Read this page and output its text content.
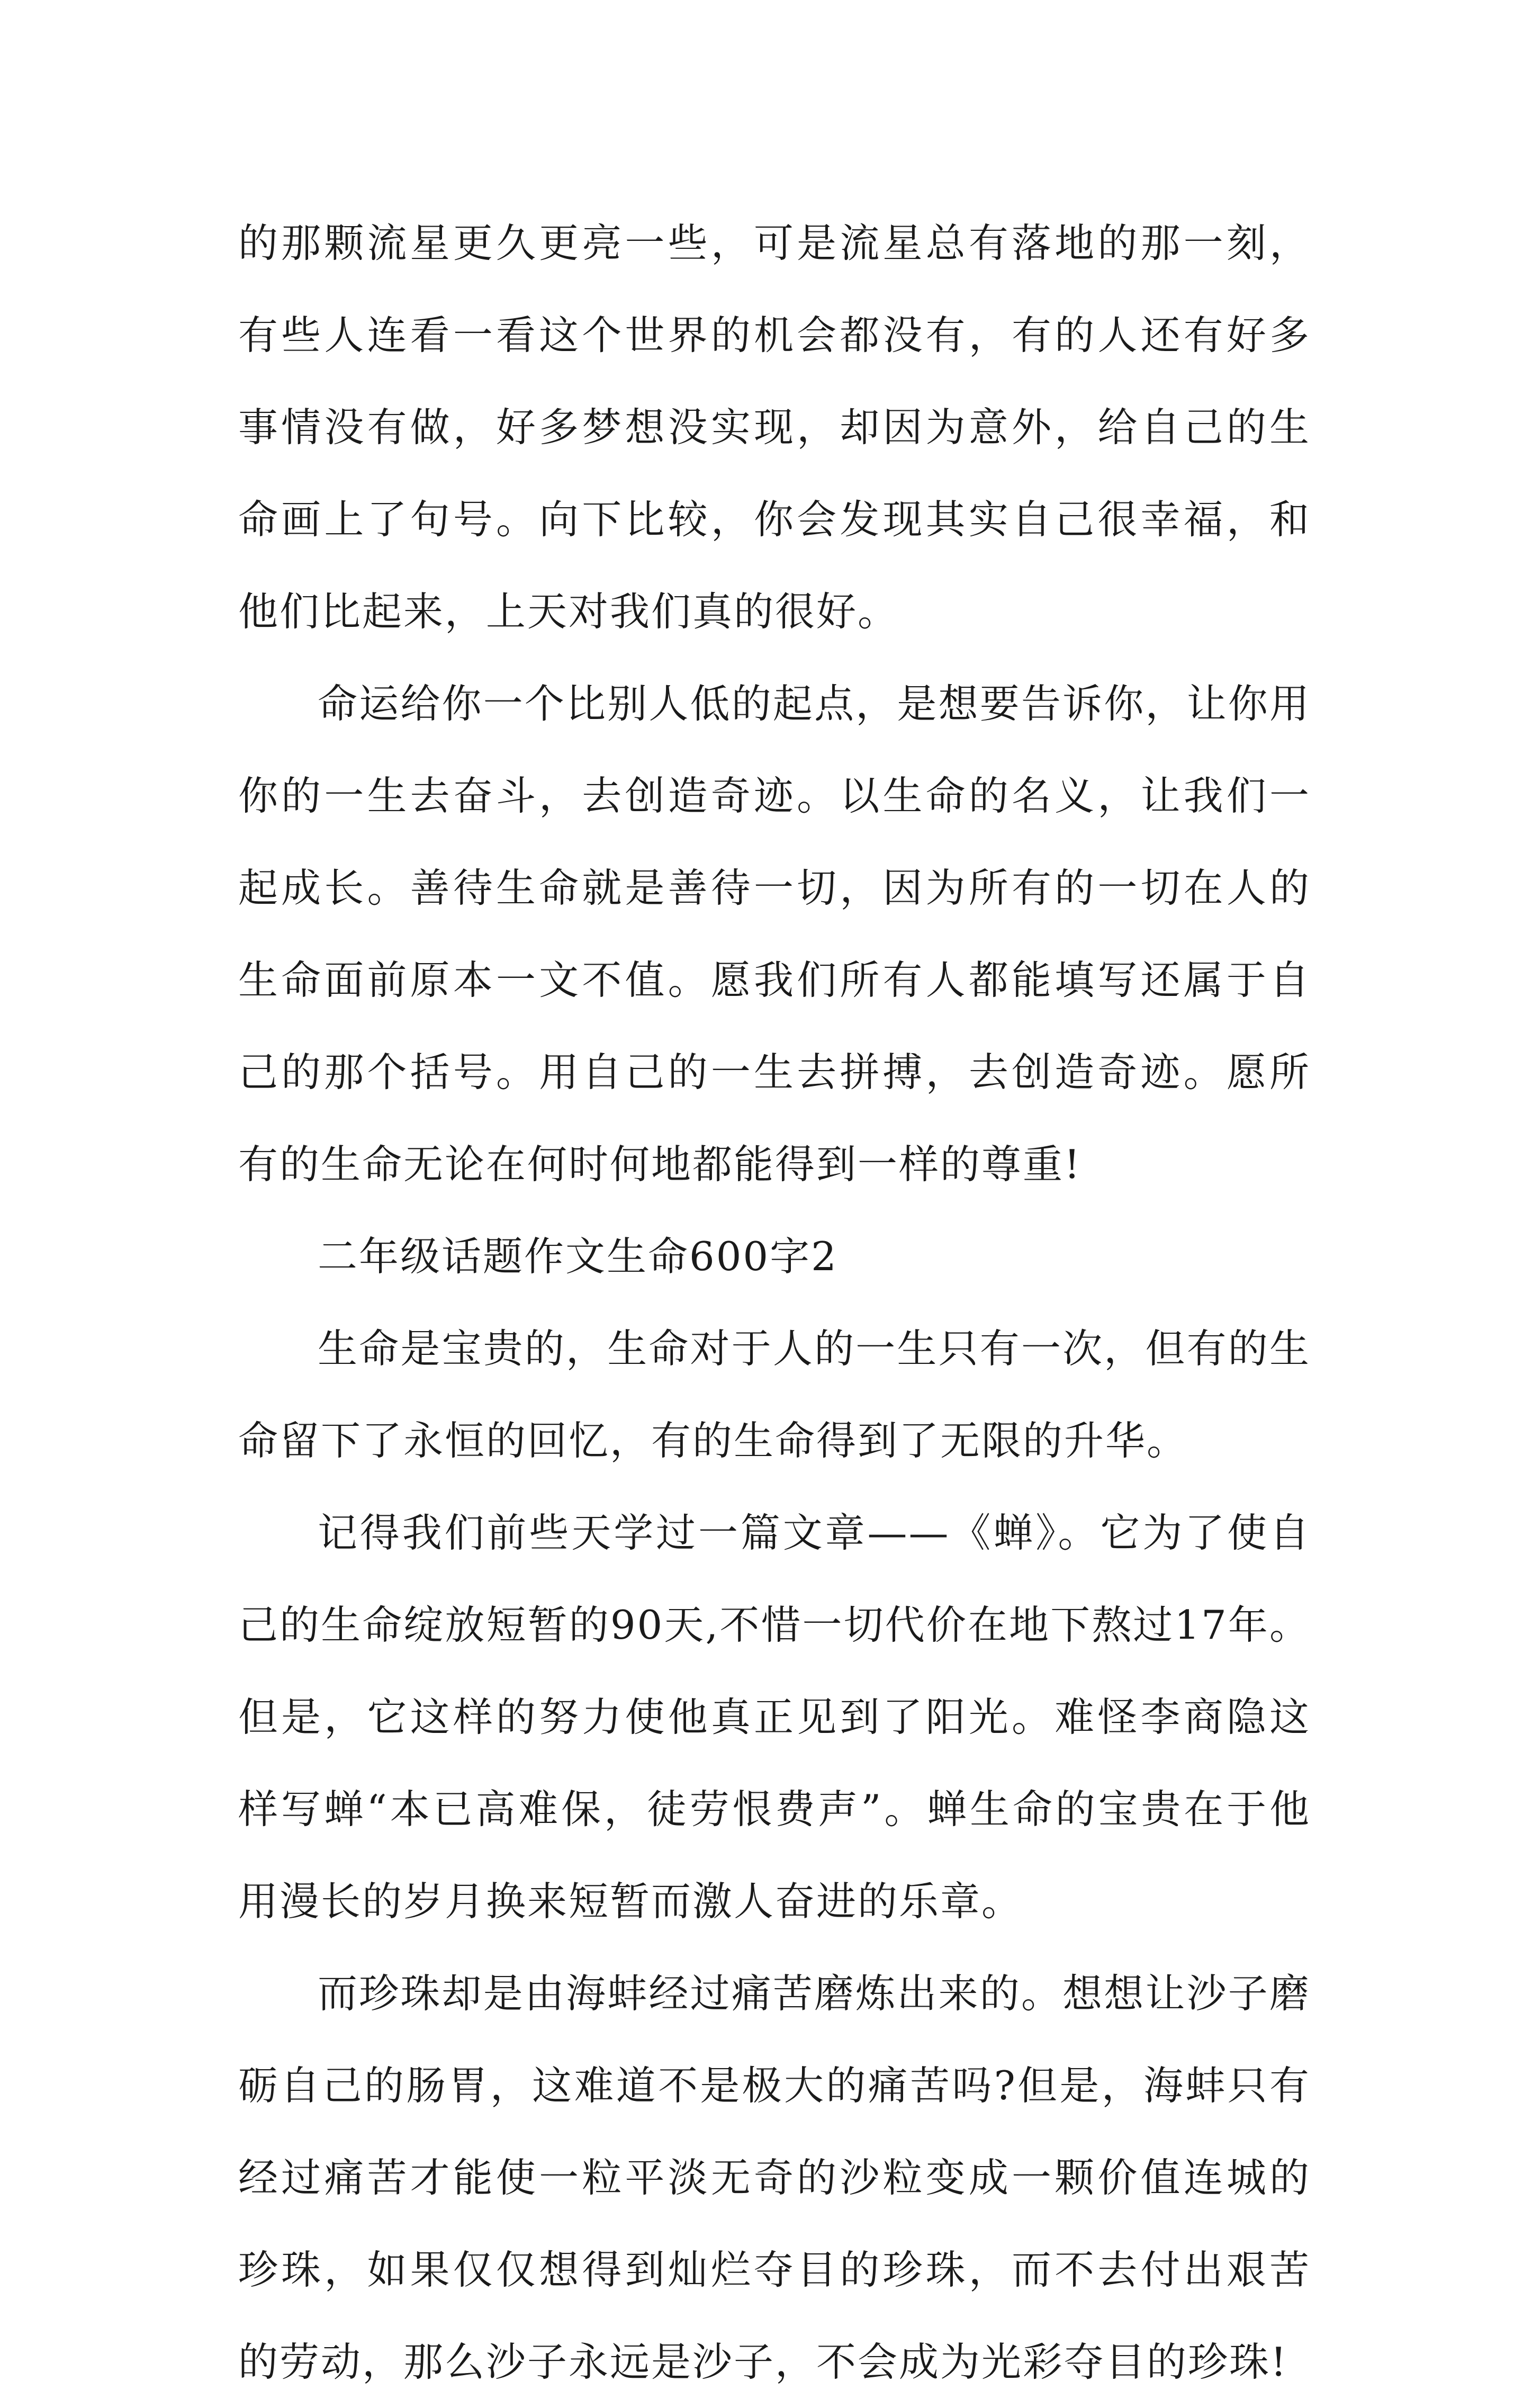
的那颗流星更久更亮一些，可是流星总有落地的那一刻，有些人连看一看这个世界的机会都没有，有的人还有好多事情没有做，好多梦想没实现，却因为意外，给自己的生命画上了句号。向下比较，你会发现其实自己很幸福，和他们比起来，上天对我们真的很好。

命运给你一个比别人低的起点，是想要告诉你，让你用你的一生去奋斗，去创造奇迹。以生命的名义，让我们一起成长。善待生命就是善待一切，因为所有的一切在人的生命面前原本一文不值。愿我们所有人都能填写还属于自己的那个括号。用自己的一生去拼搏，去创造奇迹。愿所有的生命无论在何时何地都能得到一样的尊重!

二年级话题作文生命600字2

生命是宝贵的，生命对于人的一生只有一次，但有的生命留下了永恒的回忆，有的生命得到了无限的升华。

记得我们前些天学过一篇文章——《蝉》。它为了使自己的生命绽放短暂的90天,不惜一切代价在地下熬过17年。但是，它这样的努力使他真正见到了阳光。难怪李商隐这样写蝉“本已高难保，徒劳恨费声”。蝉生命的宝贵在于他用漫长的岁月换来短暂而激人奋进的乐章。

而珍珠却是由海蚌经过痛苦磨炼出来的。想想让沙子磨砺自己的肠胃，这难道不是极大的痛苦吗?但是，海蚌只有经过痛苦才能使一粒平淡无奇的沙粒变成一颗价值连城的珍珠，如果仅仅想得到灿烂夺目的珍珠，而不去付出艰苦的劳动，那么沙子永远是沙子，不会成为光彩夺目的珍珠!
